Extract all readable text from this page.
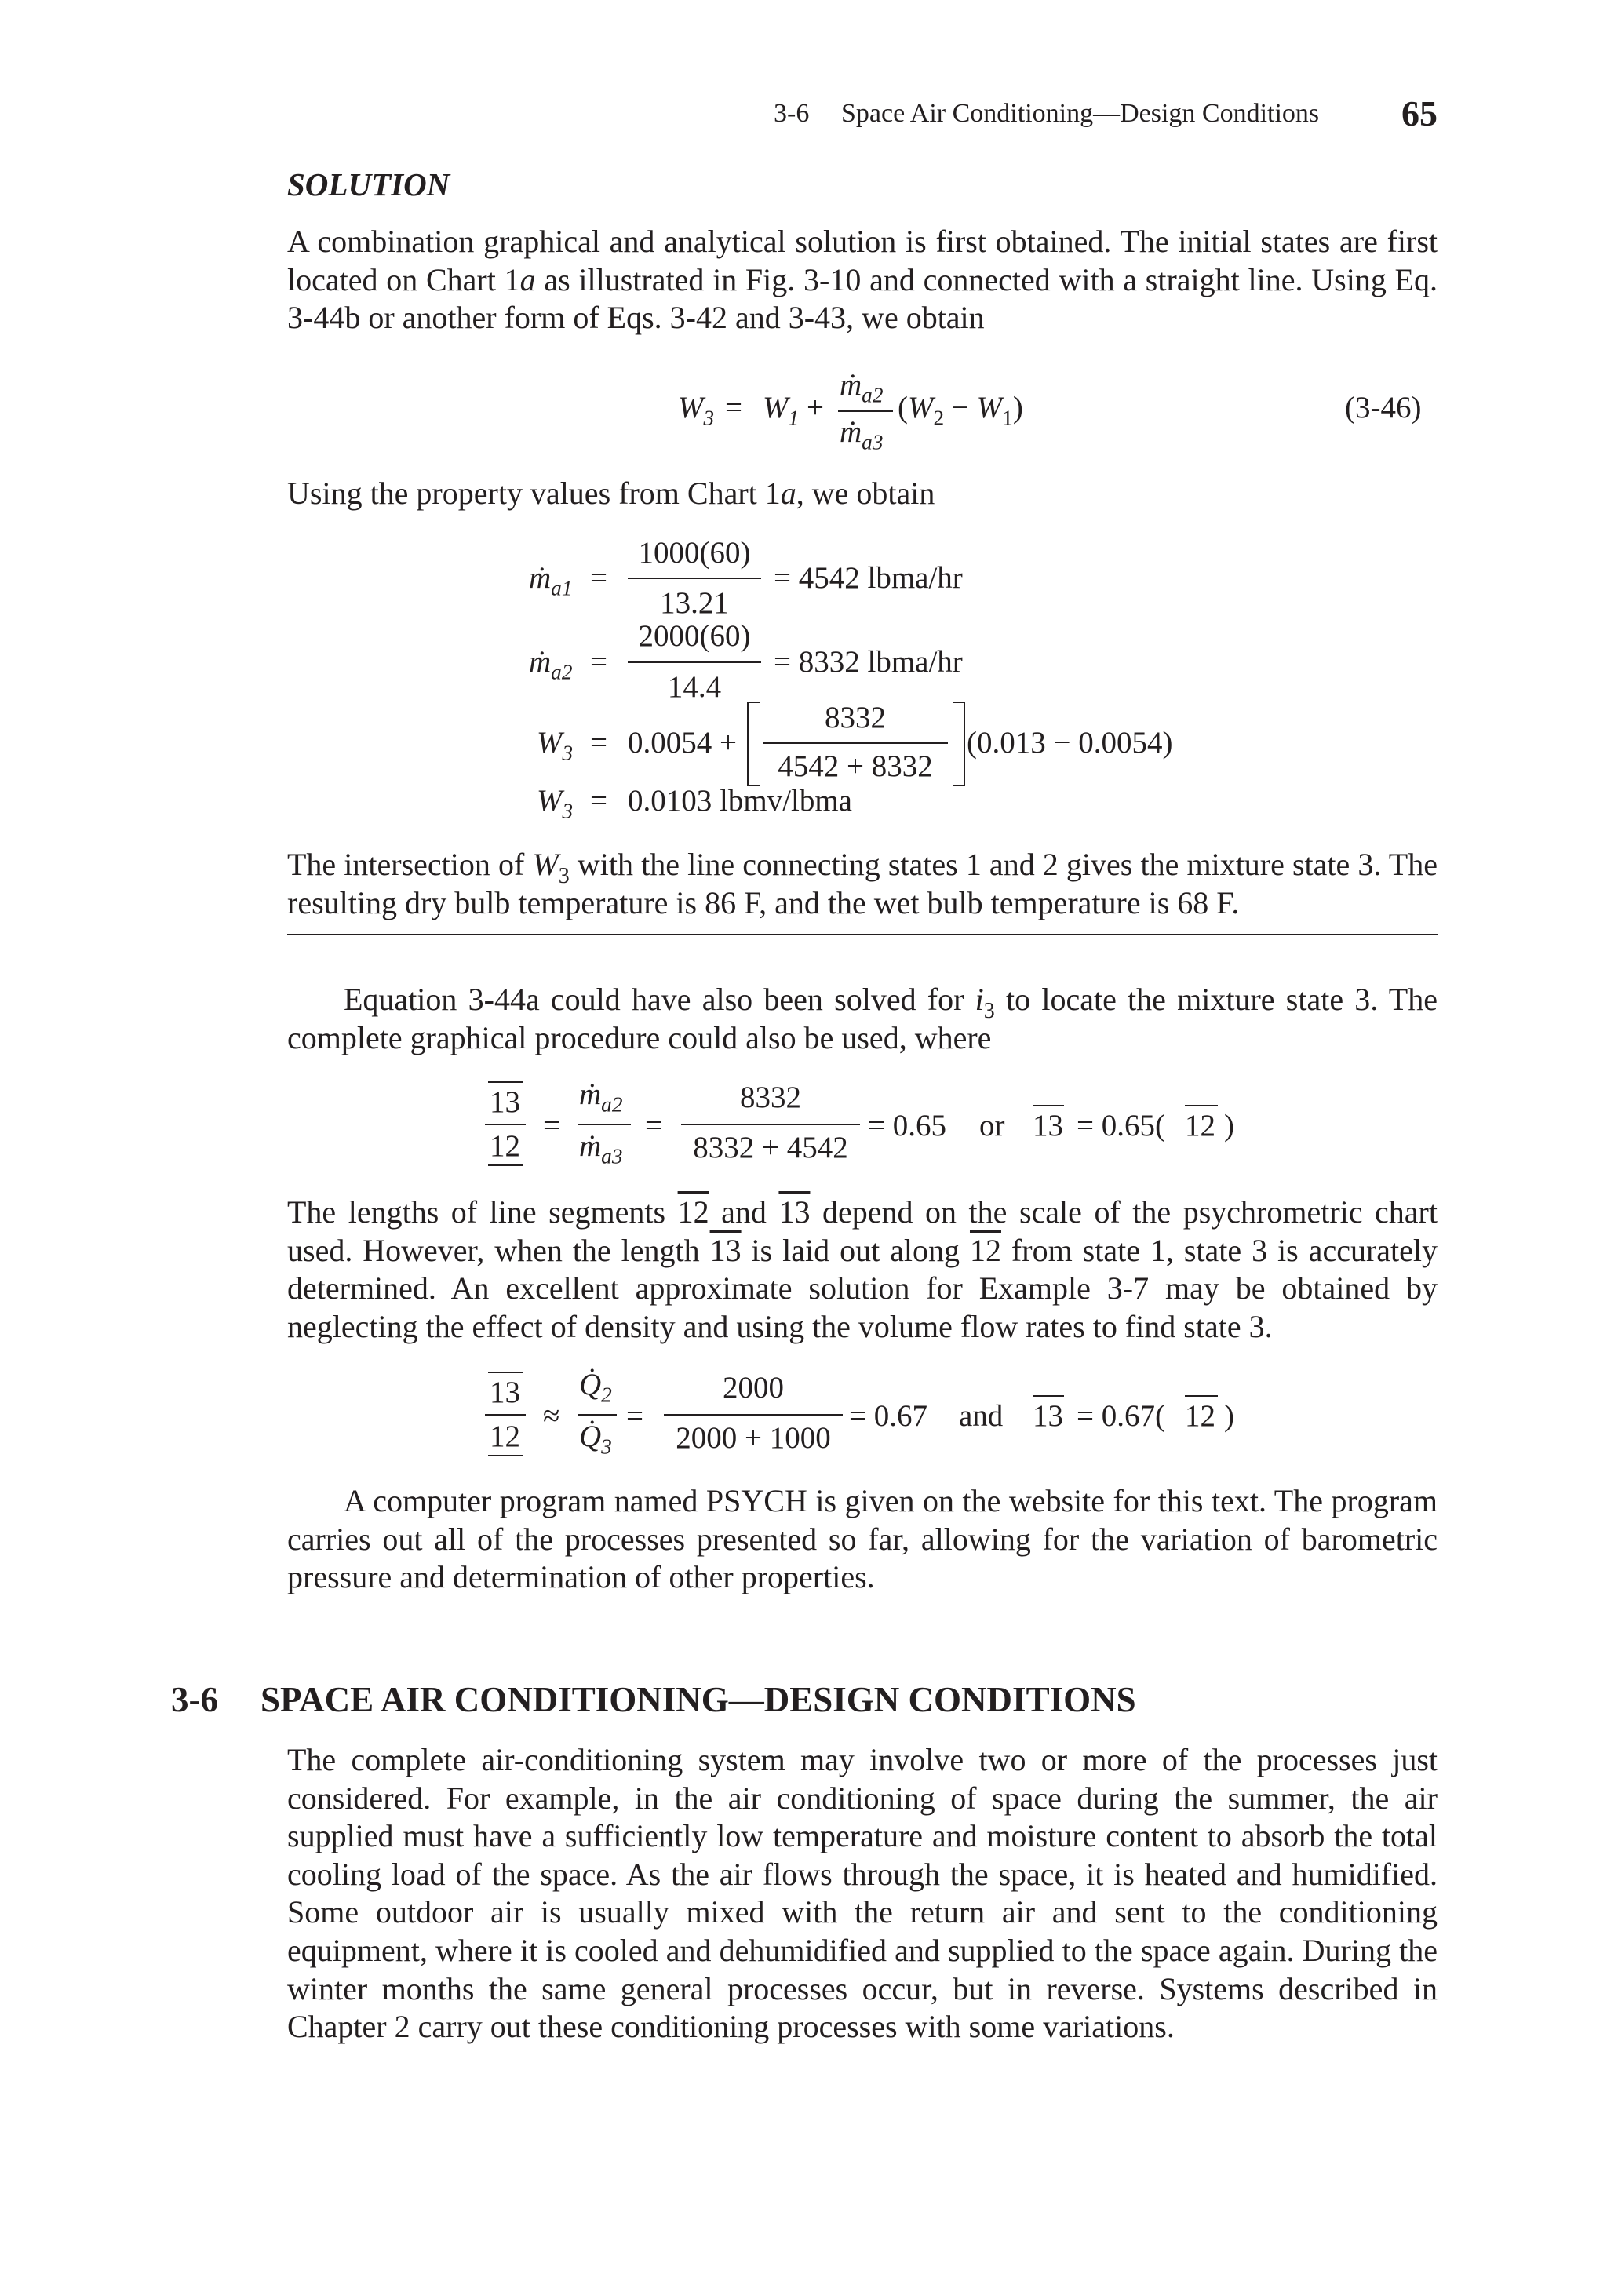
3-6 Space Air Conditioning—Design Conditions 65
SOLUTION

A combination graphical and analytical solution is first obtained. The initial states are first located on Chart 1a as illustrated in Fig. 3-10 and connected with a straight line. Using Eq. 3-44b or another form of Eqs. 3-42 and 3-43, we obtain

$W_3 = W_1$ +
ṁ$_{a2}$
ṁ$_{a3}$
$(W_2 - W_1)$	(3-46)

Using the property values from Chart 1a, we obtain

ṁ$_{a1}$ =
1000(60)
13.21
= 4542 lbma/hr
ṁ$_{a2}$ =
2000(60)
14.4
= 8332 lbma/hr
$W_3 = 0.0054$ +
8332
4542 + 8332
(0.013 − 0.0054)
$W_3 = 0.0103$ lbmv/lbma

The intersection of $W_3$ with the line connecting states 1 and 2 gives the mixture state 3. The resulting dry bulb temperature is 86 F, and the wet bulb temperature is 68 F.

Equation 3-44a could have also been solved for $i_3$ to locate the mixture state 3. The complete graphical procedure could also be used, where

13
12
=
ṁ$_{a2}$
ṁ$_{a3}$
=
8332
8332 + 4542
= 0.65 or 13 = 0.65( 12 )

The lengths of line segments 12 and 13 depend on the scale of the psychrometric chart used. However, when the length 13 is laid out along 12 from state 1, state 3 is accurately determined. An excellent approximate solution for Example 3-7 may be obtained by neglecting the effect of density and using the volume flow rates to find state 3.

13
12
≈
$Q̇_2$
$Q̇_3$
=
2000
2000 + 1000
= 0.67 and 13 = 0.67( 12 )

A computer program named PSYCH is given on the website for this text. The program carries out all of the processes presented so far, allowing for the variation of barometric pressure and determination of other properties.

3-6 SPACE AIR CONDITIONING—DESIGN CONDITIONS

The complete air-conditioning system may involve two or more of the processes just considered. For example, in the air conditioning of space during the summer, the air supplied must have a sufficiently low temperature and moisture content to absorb the total cooling load of the space. As the air flows through the space, it is heated and humidified. Some outdoor air is usually mixed with the return air and sent to the conditioning equipment, where it is cooled and dehumidified and supplied to the space again. During the winter months the same general processes occur, but in reverse. Systems described in Chapter 2 carry out these conditioning processes with some variations.
